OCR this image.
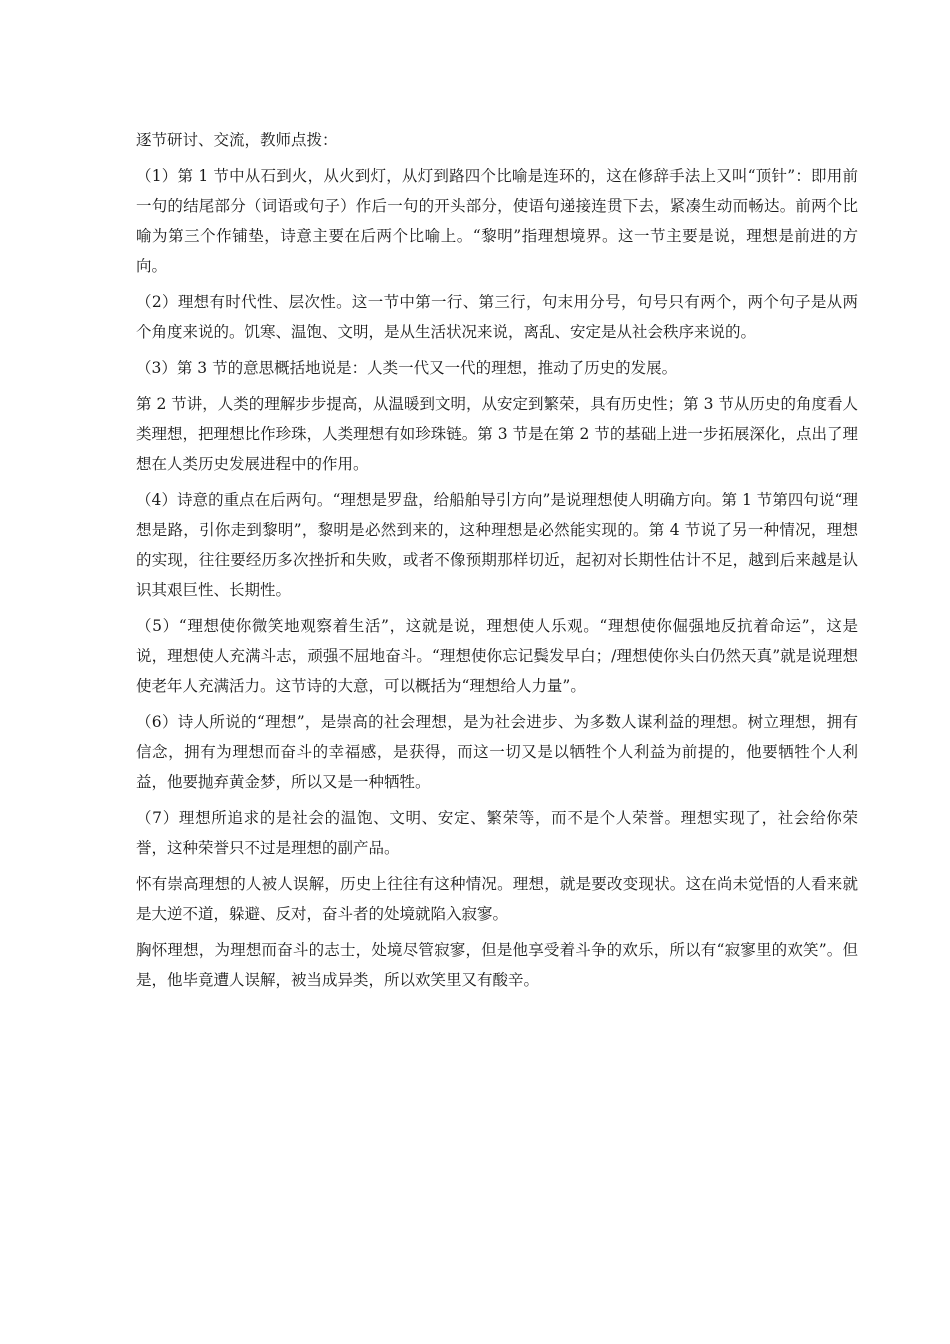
逐节研讨、交流，教师点拨：

（1）第 1 节中从石到火，从火到灯，从灯到路四个比喻是连环的，这在修辞手法上又叫“顶针”：即用前一句的结尾部分（词语或句子）作后一句的开头部分，使语句递接连贯下去，紧凑生动而畅达。前两个比喻为第三个作铺垫，诗意主要在后两个比喻上。“黎明”指理想境界。这一节主要是说，理想是前进的方向。

（2）理想有时代性、层次性。这一节中第一行、第三行，句末用分号，句号只有两个，两个句子是从两个角度来说的。饥寒、温饱、文明，是从生活状况来说，离乱、安定是从社会秩序来说的。

（3）第 3 节的意思概括地说是：人类一代又一代的理想，推动了历史的发展。

第 2 节讲，人类的理解步步提高，从温暖到文明，从安定到繁荣，具有历史性；第 3 节从历史的角度看人类理想，把理想比作珍珠，人类理想有如珍珠链。第 3 节是在第 2 节的基础上进一步拓展深化，点出了理想在人类历史发展进程中的作用。

（4）诗意的重点在后两句。“理想是罗盘，给船舶导引方向”是说理想使人明确方向。第 1 节第四句说“理想是路，引你走到黎明”，黎明是必然到来的，这种理想是必然能实现的。第 4 节说了另一种情况，理想的实现，往往要经历多次挫折和失败，或者不像预期那样切近，起初对长期性估计不足，越到后来越是认识其艰巨性、长期性。

（5）“理想使你微笑地观察着生活”，这就是说，理想使人乐观。“理想使你倔强地反抗着命运”，这是说，理想使人充满斗志，顽强不屈地奋斗。“理想使你忘记鬓发早白；/理想使你头白仍然天真”就是说理想使老年人充满活力。这节诗的大意，可以概括为“理想给人力量”。

（6）诗人所说的“理想”，是崇高的社会理想，是为社会进步、为多数人谋利益的理想。树立理想，拥有信念，拥有为理想而奋斗的幸福感，是获得，而这一切又是以牺牲个人利益为前提的，他要牺牲个人利益，他要抛弃黄金梦，所以又是一种牺牲。

（7）理想所追求的是社会的温饱、文明、安定、繁荣等，而不是个人荣誉。理想实现了，社会给你荣誉，这种荣誉只不过是理想的副产品。

怀有崇高理想的人被人误解，历史上往往有这种情况。理想，就是要改变现状。这在尚未觉悟的人看来就是大逆不道，躲避、反对，奋斗者的处境就陷入寂寥。

胸怀理想，为理想而奋斗的志士，处境尽管寂寥，但是他享受着斗争的欢乐，所以有“寂寥里的欢笑”。但是，他毕竟遭人误解，被当成异类，所以欢笑里又有酸辛。
